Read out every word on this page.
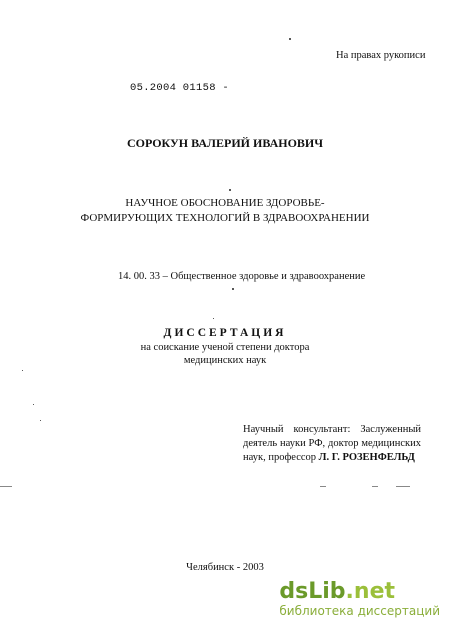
На правах рукописи
05.2004 01158 -
СОРОКУН ВАЛЕРИЙ ИВАНОВИЧ
НАУЧНОЕ ОБОСНОВАНИЕ ЗДОРОВЬЕ-
ФОРМИРУЮЩИХ ТЕХНОЛОГИЙ В ЗДРАВООХРАНЕНИИ
14. 00. 33 – Общественное здоровье и здравоохранение
ДИССЕРТАЦИЯ
на соискание ученой степени доктора
медицинских наук
Научный консультант: Заслуженный
деятель науки РФ, доктор медицинских
наук, профессор Л. Г. РОЗЕНФЕЛЬД
Челябинск - 2003
dsLib.net
библиотека диссертаций
